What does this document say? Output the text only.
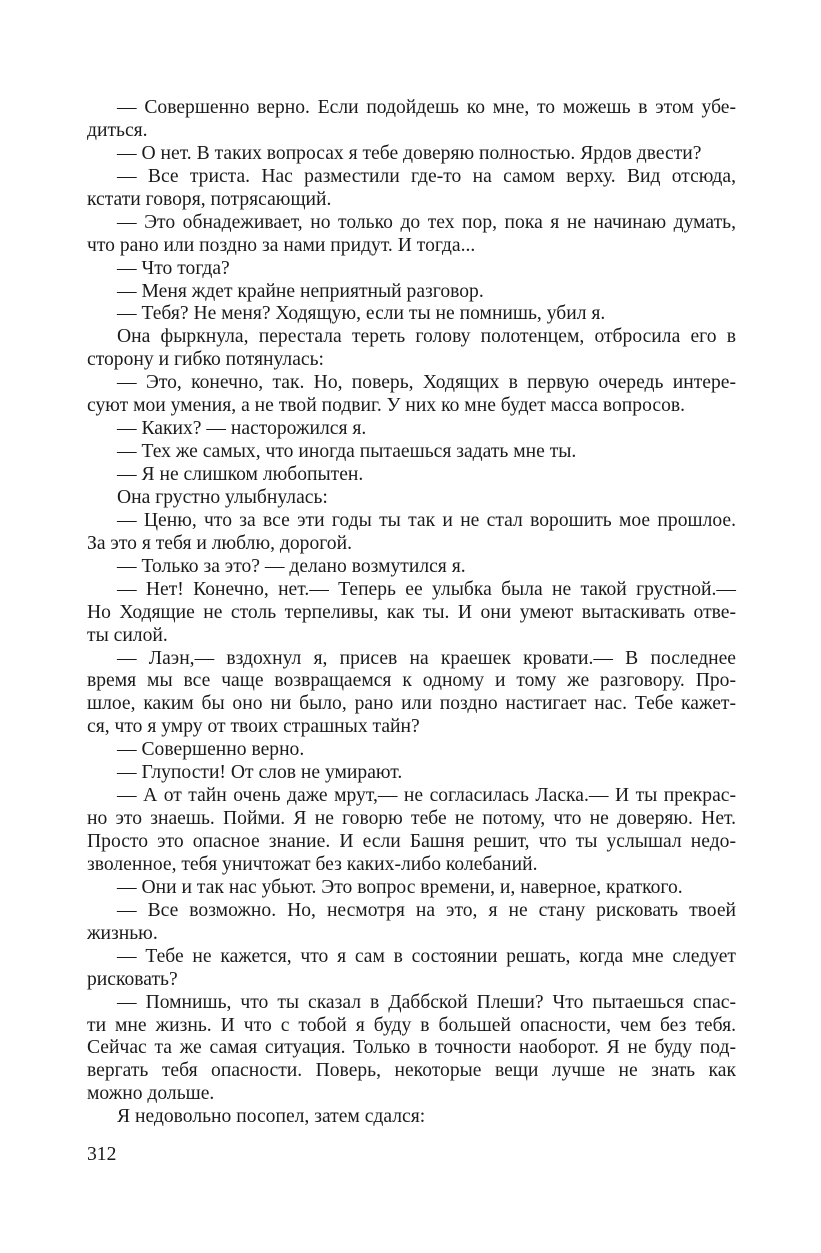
— Совершенно верно. Если подойдешь ко мне, то можешь в этом убе-
диться.
— О нет. В таких вопросах я тебе доверяю полностью. Ярдов двести?
— Все триста. Нас разместили где-то на самом верху. Вид отсюда,
кстати говоря, потрясающий.
— Это обнадеживает, но только до тех пор, пока я не начинаю думать,
что рано или поздно за нами придут. И тогда...
— Что тогда?
— Меня ждет крайне неприятный разговор.
— Тебя? Не меня? Ходящую, если ты не помнишь, убил я.
Она фыркнула, перестала тереть голову полотенцем, отбросила его в
сторону и гибко потянулась:
— Это, конечно, так. Но, поверь, Ходящих в первую очередь интере-
суют мои умения, а не твой подвиг. У них ко мне будет масса вопросов.
— Каких? — насторожился я.
— Тех же самых, что иногда пытаешься задать мне ты.
— Я не слишком любопытен.
Она грустно улыбнулась:
— Ценю, что за все эти годы ты так и не стал ворошить мое прошлое.
За это я тебя и люблю, дорогой.
— Только за это? — делано возмутился я.
— Нет! Конечно, нет.— Теперь ее улыбка была не такой грустной.—
Но Ходящие не столь терпеливы, как ты. И они умеют вытаскивать отве-
ты силой.
— Лаэн,— вздохнул я, присев на краешек кровати.— В последнее
время мы все чаще возвращаемся к одному и тому же разговору. Про-
шлое, каким бы оно ни было, рано или поздно настигает нас. Тебе кажет-
ся, что я умру от твоих страшных тайн?
— Совершенно верно.
— Глупости! От слов не умирают.
— А от тайн очень даже мрут,— не согласилась Ласка.— И ты прекрас-
но это знаешь. Пойми. Я не говорю тебе не потому, что не доверяю. Нет.
Просто это опасное знание. И если Башня решит, что ты услышал недо-
зволенное, тебя уничтожат без каких-либо колебаний.
— Они и так нас убьют. Это вопрос времени, и, наверное, краткого.
— Все возможно. Но, несмотря на это, я не стану рисковать твоей
жизнью.
— Тебе не кажется, что я сам в состоянии решать, когда мне следует
рисковать?
— Помнишь, что ты сказал в Даббской Плеши? Что пытаешься спас-
ти мне жизнь. И что с тобой я буду в большей опасности, чем без тебя.
Сейчас та же самая ситуация. Только в точности наоборот. Я не буду под-
вергать тебя опасности. Поверь, некоторые вещи лучше не знать как
можно дольше.
Я недовольно посопел, затем сдался:
312
